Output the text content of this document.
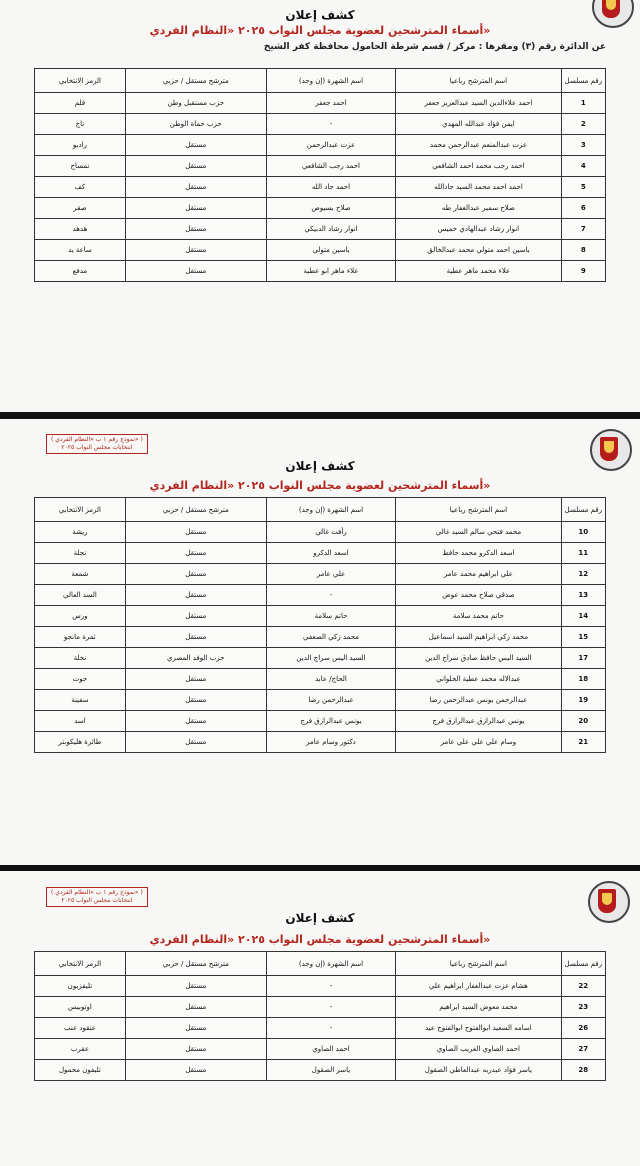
كشف إعلان
أسماء المترشحين لعضوية مجلس النواب ٢٠٢٥ «النظام الفردي»
عن الدائرة رقم (٣) ومقرها : مركز / قسم شرطة الحامول محافظة كفر الشيخ
رقم مسلسل	اسم المترشح رباعيا	اسم الشهرة (إن وجد)	مترشح مستقل / حزبي	الرمز الانتخابي
1	احمد علاءالدين السيد عبدالعزيز جعفر	احمد جعفر	حزب مستقبل وطن	قلم
2	ايمن فؤاد عبدالله المهدي	-	حزب حماة الوطن	تاج
3	عزت عبدالمنعم عبدالرحمن محمد	عزت عبدالرحمن	مستقل	راديو
4	احمد رجب محمد احمد الشافعي	احمد رجب الشافعي	مستقل	تمساح
5	احمد احمد محمد السيد جادالله	احمد جاد الله	مستقل	كف
6	صلاح سمير عبدالغفار طه	صلاح بسيوص	مستقل	صقر
7	انوار رشاد عبدالهادي خميس	انوار رشاد الدبيكي	مستقل	هدهد
8	ياسين احمد متولي محمد عبدالخالق	ياسين متولي	مستقل	ساعة يد
9	علاء محمد ماهر عطية	علاء ماهر ابو عطية	مستقل	مدفع
( نموذج رقم ١ ب «النظام الفردي» )
انتخابات مجلس النواب ٢٠٢٥
كشف إعلان
أسماء المترشحين لعضوية مجلس النواب ٢٠٢٥ «النظام الفردي»
رقم مسلسل	اسم المترشح رباعيا	اسم الشهرة (إن وجد)	مترشح مستقل / حزبي	الرمز الانتخابي
10	محمد فتحي سالم السيد غالي	رأفت غالي	مستقل	ريشة
11	اسعد الدكرو محمد حافظ	اسعد الدكرو	مستقل	نجلة
12	علي ابراهيم محمد عامر	علي عامر	مستقل	شمعة
13	صدقي صلاح محمد عوض	-	مستقل	السد العالي
14	حاتم محمد سلامة	حاتم سلامة	مستقل	ورس
15	محمد زكي ابراهيم السيد اسماعيل	محمد زكي الصعفي	مستقل	ثمرة مانجو
17	السيد اليس حافظ صادق سراج الدين	السيد اليس سراج الدين	حزب الوفد المصري	نخلة
18	عبدالاله محمد عطية الحلواني	الحاج/ عابد	مستقل	حوت
19	عبدالرحمن يونس عبدالرحمن رضا	عبدالرحمن رضا	مستقل	سفينة
20	يونس عبدالرازق عبدالرازق فرج	يونس عبدالرازق فرج	مستقل	اسد
21	وسام علي علي علي عامر	دكتور وسام عامر	مستقل	طائرة هليكوبتر
( نموذج رقم ١ ب «النظام الفردي» )
انتخابات مجلس النواب ٢٠٢٥
كشف إعلان
أسماء المترشحين لعضوية مجلس النواب ٢٠٢٥ «النظام الفردي»
رقم مسلسل	اسم المترشح رباعيا	اسم الشهرة (إن وجد)	مترشح مستقل / حزبي	الرمز الانتخابي
22	هشام عزت عبدالغفار ابراهيم علي	-	مستقل	تليفزيون
23	محمد معوض السيد ابراهيم	-	مستقل	اوتوبيس
26	اسامه السعيد ابوالفتوح ابوالفتوح عيد	-	مستقل	عنقود عنب
27	احمد الصاوي الغريب الصاوي	احمد الصاوي	مستقل	عقرب
28	ياسر فؤاد عبدربه عبدالعاطي الصقول	ياسر الصقول	مستقل	تليفون محمول
